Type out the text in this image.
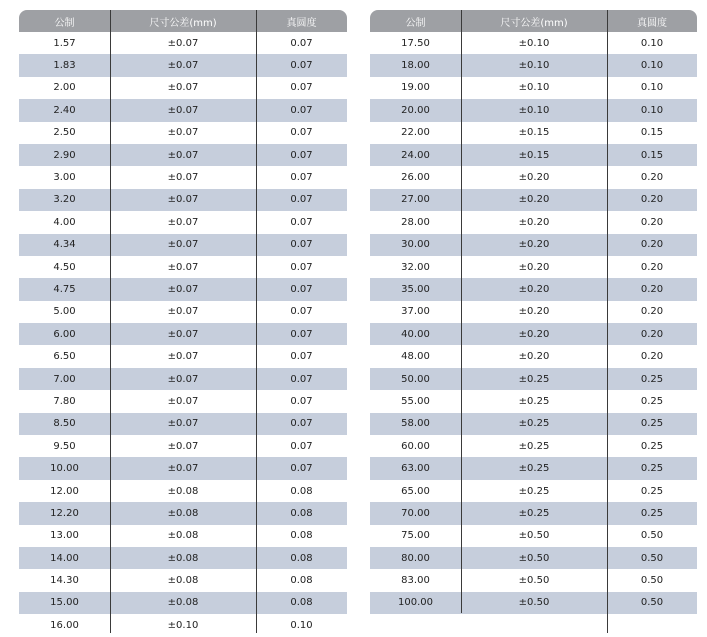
公制	尺寸公差(mm)	真圆度
1.57	±0.07	0.07
1.83	±0.07	0.07
2.00	±0.07	0.07
2.40	±0.07	0.07
2.50	±0.07	0.07
2.90	±0.07	0.07
3.00	±0.07	0.07
3.20	±0.07	0.07
4.00	±0.07	0.07
4.34	±0.07	0.07
4.50	±0.07	0.07
4.75	±0.07	0.07
5.00	±0.07	0.07
6.00	±0.07	0.07
6.50	±0.07	0.07
7.00	±0.07	0.07
7.80	±0.07	0.07
8.50	±0.07	0.07
9.50	±0.07	0.07
10.00	±0.07	0.07
12.00	±0.08	0.08
12.20	±0.08	0.08
13.00	±0.08	0.08
14.00	±0.08	0.08
14.30	±0.08	0.08
15.00	±0.08	0.08
16.00	±0.10	0.10
公制	尺寸公差(mm)	真圆度
17.50	±0.10	0.10
18.00	±0.10	0.10
19.00	±0.10	0.10
20.00	±0.10	0.10
22.00	±0.15	0.15
24.00	±0.15	0.15
26.00	±0.20	0.20
27.00	±0.20	0.20
28.00	±0.20	0.20
30.00	±0.20	0.20
32.00	±0.20	0.20
35.00	±0.20	0.20
37.00	±0.20	0.20
40.00	±0.20	0.20
48.00	±0.20	0.20
50.00	±0.25	0.25
55.00	±0.25	0.25
58.00	±0.25	0.25
60.00	±0.25	0.25
63.00	±0.25	0.25
65.00	±0.25	0.25
70.00	±0.25	0.25
75.00	±0.50	0.50
80.00	±0.50	0.50
83.00	±0.50	0.50
100.00	±0.50	0.50
